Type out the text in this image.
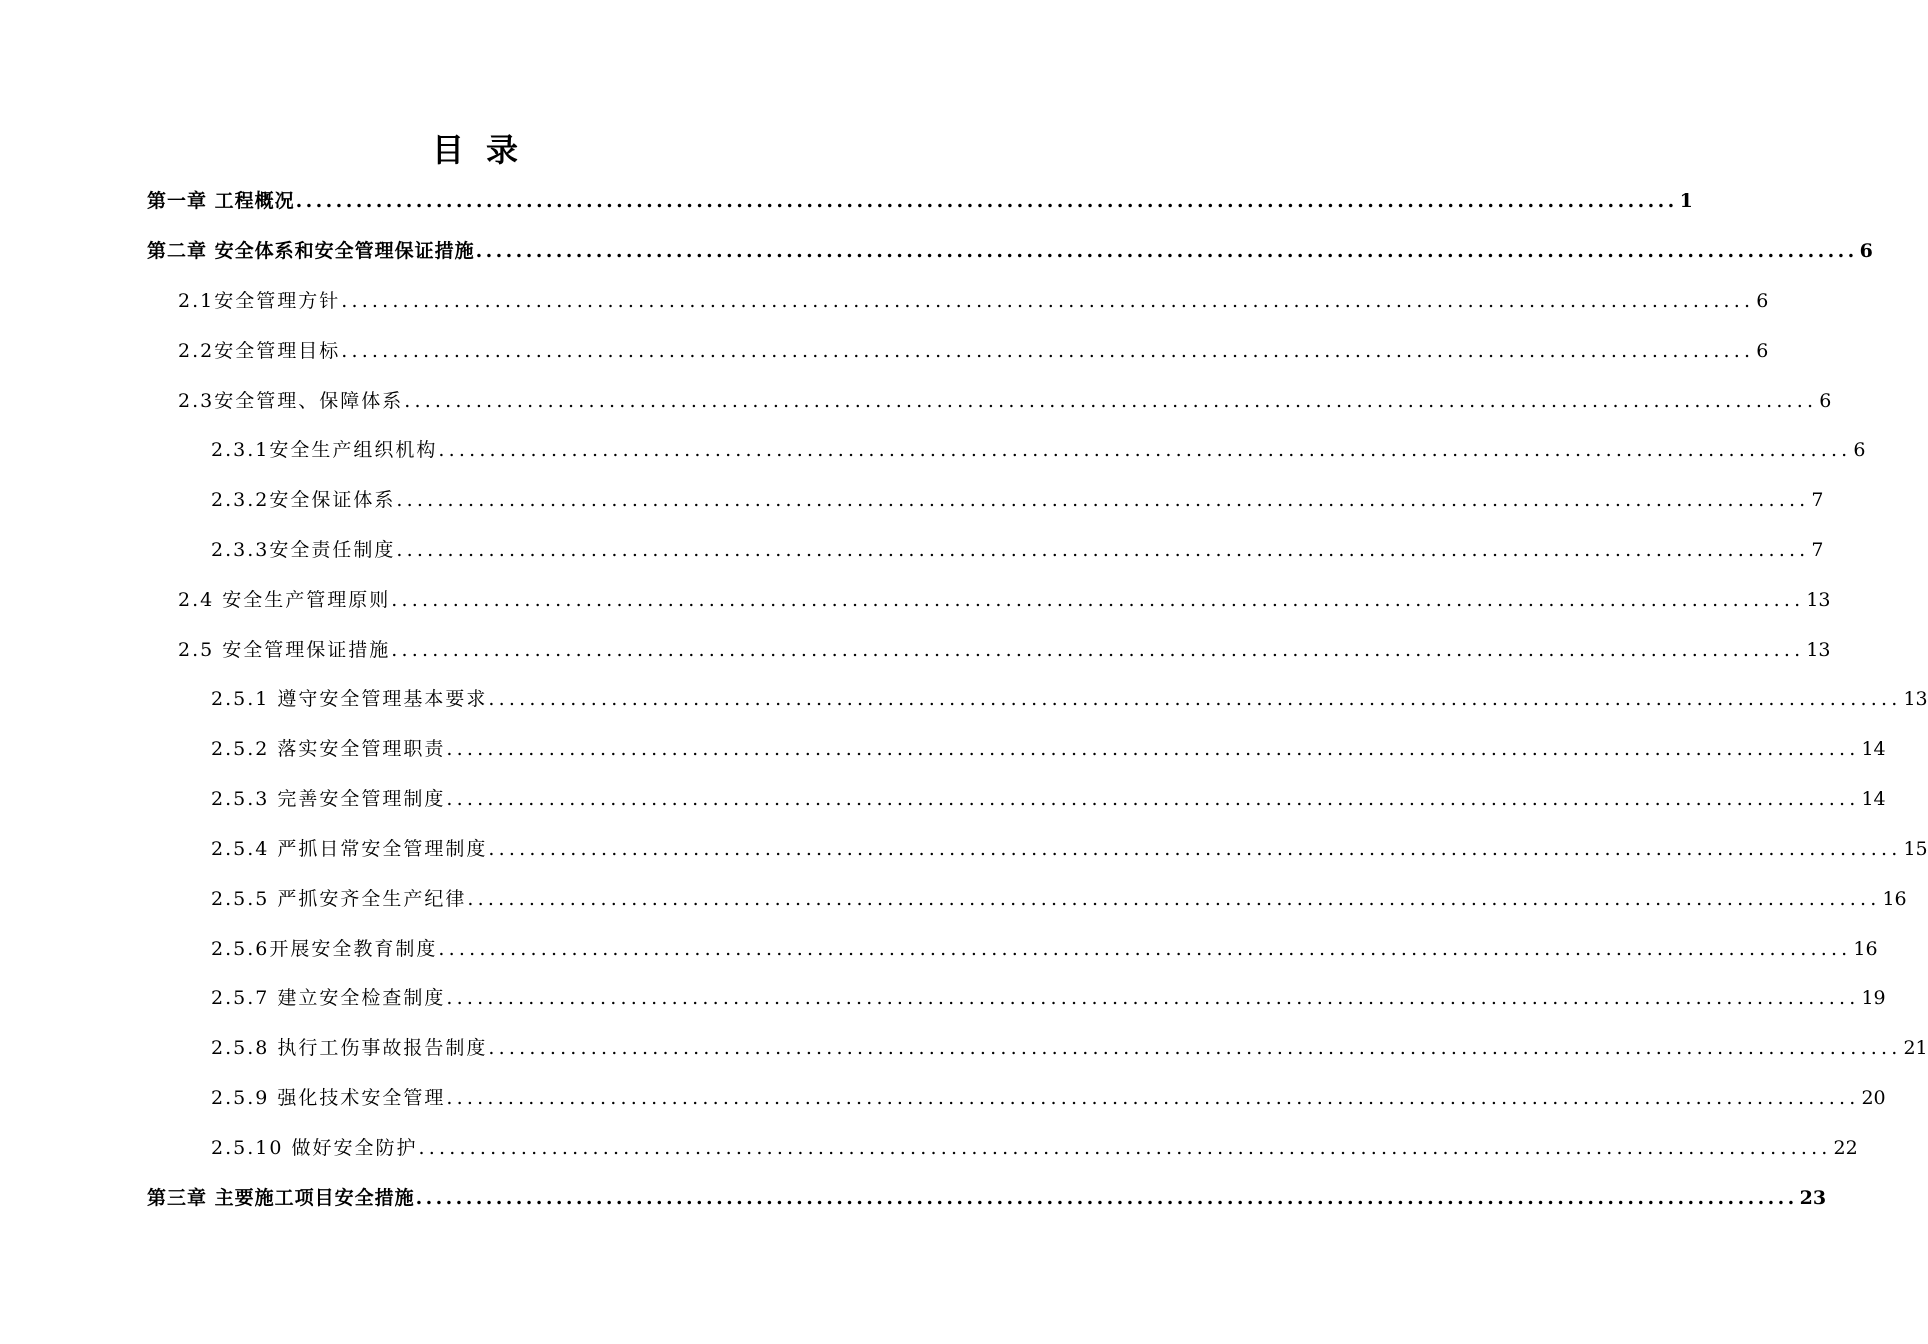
目录
第一章 工程概况 .......................................................................................................................................... 1
第二章 安全体系和安全管理保证措施 .......................................................................................................................................... 6
2.1安全管理方针 .......................................................................................................................................... 6
2.2安全管理目标 .......................................................................................................................................... 6
2.3安全管理、保障体系 .......................................................................................................................................... 6
2.3.1安全生产组织机构 .......................................................................................................................................... 6
2.3.2安全保证体系 .......................................................................................................................................... 7
2.3.3安全责任制度 .......................................................................................................................................... 7
2.4 安全生产管理原则 .......................................................................................................................................... 13
2.5 安全管理保证措施 .......................................................................................................................................... 13
2.5.1 遵守安全管理基本要求 .......................................................................................................................................... 13
2.5.2 落实安全管理职责 .......................................................................................................................................... 14
2.5.3 完善安全管理制度 .......................................................................................................................................... 14
2.5.4 严抓日常安全管理制度 .......................................................................................................................................... 15
2.5.5 严抓安齐全生产纪律 .......................................................................................................................................... 16
2.5.6开展安全教育制度 .......................................................................................................................................... 16
2.5.7 建立安全检查制度 .......................................................................................................................................... 19
2.5.8 执行工伤事故报告制度 .......................................................................................................................................... 21
2.5.9 强化技术安全管理 .......................................................................................................................................... 20
2.5.10 做好安全防护 .......................................................................................................................................... 22
第三章 主要施工项目安全措施 .......................................................................................................................................... 23
